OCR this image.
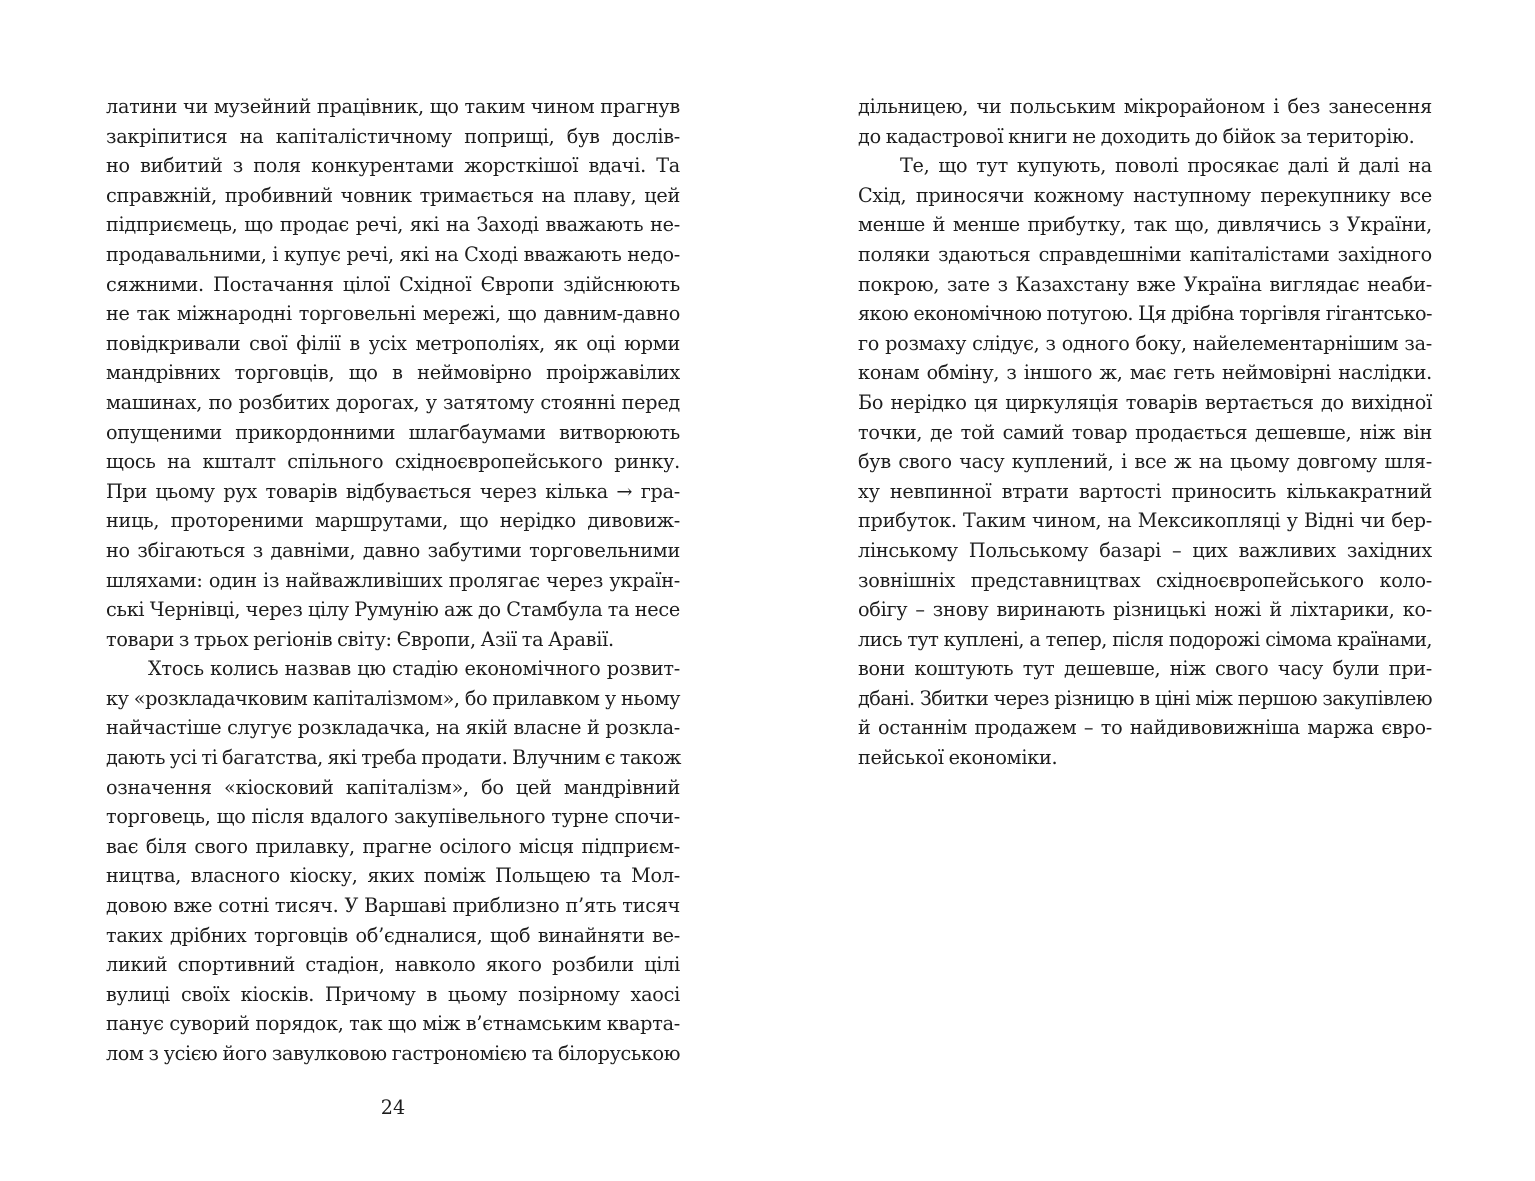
латини чи музейний працівник, що таким чином прагнув
закріпитися на капіталістичному поприщі, був дослів-
но вибитий з поля конкурентами жорсткішої вдачі. Та
справжній, пробивний човник тримається на плаву, цей
підприємець, що продає речі, які на Заході вважають не-
продавальними, і купує речі, які на Сході вважають недо-
сяжними. Постачання цілої Східної Європи здійснюють
не так міжнародні торговельні мережі, що давним-давно
повідкривали свої філії в усіх метрополіях, як оці юрми
мандрівних торговців, що в неймовірно проіржавілих
машинах, по розбитих дорогах, у затятому стоянні перед
опущеними прикордонними шлагбаумами витворюють
щось на кшталт спільного східноєвропейського ринку.
При цьому рух товарів відбувається через кілька → гра-
ниць, протореними маршрутами, що нерідко дивовиж-
но збігаються з давніми, давно забутими торговельними
шляхами: один із найважливіших пролягає через україн-
ські Чернівці, через цілу Румунію аж до Стамбула та несе
товари з трьох регіонів світу: Європи, Азії та Аравії.
Хтось колись назвав цю стадію економічного розвит-
ку «розкладачковим капіталізмом», бо прилавком у ньому
найчастіше слугує розкладачка, на якій власне й розкла-
дають усі ті багатства, які треба продати. Влучним є також
означення «кіосковий капіталізм», бо цей мандрівний
торговець, що після вдалого закупівельного турне спочи-
ває біля свого прилавку, прагне осілого місця підприєм-
ництва, власного кіоску, яких поміж Польщею та Мол-
довою вже сотні тисяч. У Варшаві приблизно п’ять тисяч
таких дрібних торговців об’єдналися, щоб винайняти ве-
ликий спортивний стадіон, навколо якого розбили цілі
вулиці своїх кіосків. Причому в цьому позірному хаосі
панує суворий порядок, так що між в’єтнамським кварта-
лом з усією його завулковою гастрономією та білоруською
24
дільницею, чи польським мікрорайоном і без занесення
до кадастрової книги не доходить до бійок за територію.
Те, що тут купують, поволі просякає далі й далі на
Схід, приносячи кожному наступному перекупнику все
менше й менше прибутку, так що, дивлячись з України,
поляки здаються справдешніми капіталістами західного
покрою, зате з Казахстану вже Україна виглядає неаби-
якою економічною потугою. Ця дрібна торгівля гігантсько-
го розмаху слідує, з одного боку, найелементарнішим за-
конам обміну, з іншого ж, має геть неймовірні наслідки.
Бо нерідко ця циркуляція товарів вертається до вихідної
точки, де той самий товар продається дешевше, ніж він
був свого часу куплений, і все ж на цьому довгому шля-
ху невпинної втрати вартості приносить кількакратний
прибуток. Таким чином, на Мексикопляці у Відні чи бер-
лінському Польському базарі – цих важливих західних
зовнішніх представництвах східноєвропейського коло-
обігу – знову виринають різницькі ножі й ліхтарики, ко-
лись тут куплені, а тепер, після подорожі сімома країнами,
вони коштують тут дешевше, ніж свого часу були при-
дбані. Збитки через різницю в ціні між першою закупівлею
й останнім продажем – то найдивовижніша маржа євро-
пейської економіки.
